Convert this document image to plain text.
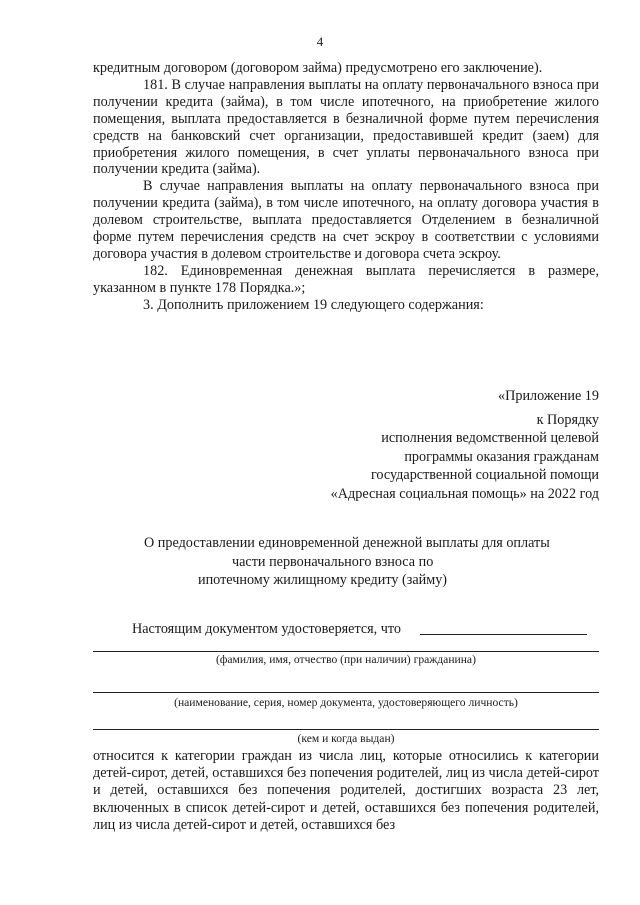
4

кредитным договором (договором займа) предусмотрено его заключение).

181. В случае направления выплаты на оплату первоначального взноса при получении кредита (займа), в том числе ипотечного, на приобретение жилого помещения, выплата предоставляется в безналичной форме путем перечисления средств на банковский счет организации, предоставившей кредит (заем) для приобретения жилого помещения, в счет уплаты первоначального взноса при получении кредита (займа).

В случае направления выплаты на оплату первоначального взноса при получении кредита (займа), в том числе ипотечного, на оплату договора участия в долевом строительстве, выплата предоставляется Отделением в безналичной форме путем перечисления средств на счет эскроу в соответствии с условиями договора участия в долевом строительстве и договора счета эскроу.

182. Единовременная денежная выплата перечисляется в размере, указанном в пункте 178 Порядка.»;

3. Дополнить приложением 19 следующего содержания:

«Приложение 19
к Порядку
исполнения ведомственной целевой
программы оказания гражданам
государственной социальной помощи
«Адресная социальная помощь» на 2022 год
О предоставлении единовременной денежной выплаты для оплаты
части первоначального взноса по
ипотечному жилищному кредиту (займу)
Настоящим документом удостоверяется, что
(фамилия, имя, отчество (при наличии) гражданина)
(наименование, серия, номер документа, удостоверяющего личность)
(кем и когда выдан)
относится к категории граждан из числа лиц, которые относились к категории детей-сирот, детей, оставшихся без попечения родителей, лиц из числа детей-сирот и детей, оставшихся без попечения родителей, достигших возраста 23 лет, включенных в список детей-сирот и детей, оставшихся без попечения родителей, лиц из числа детей-сирот и детей, оставшихся без
